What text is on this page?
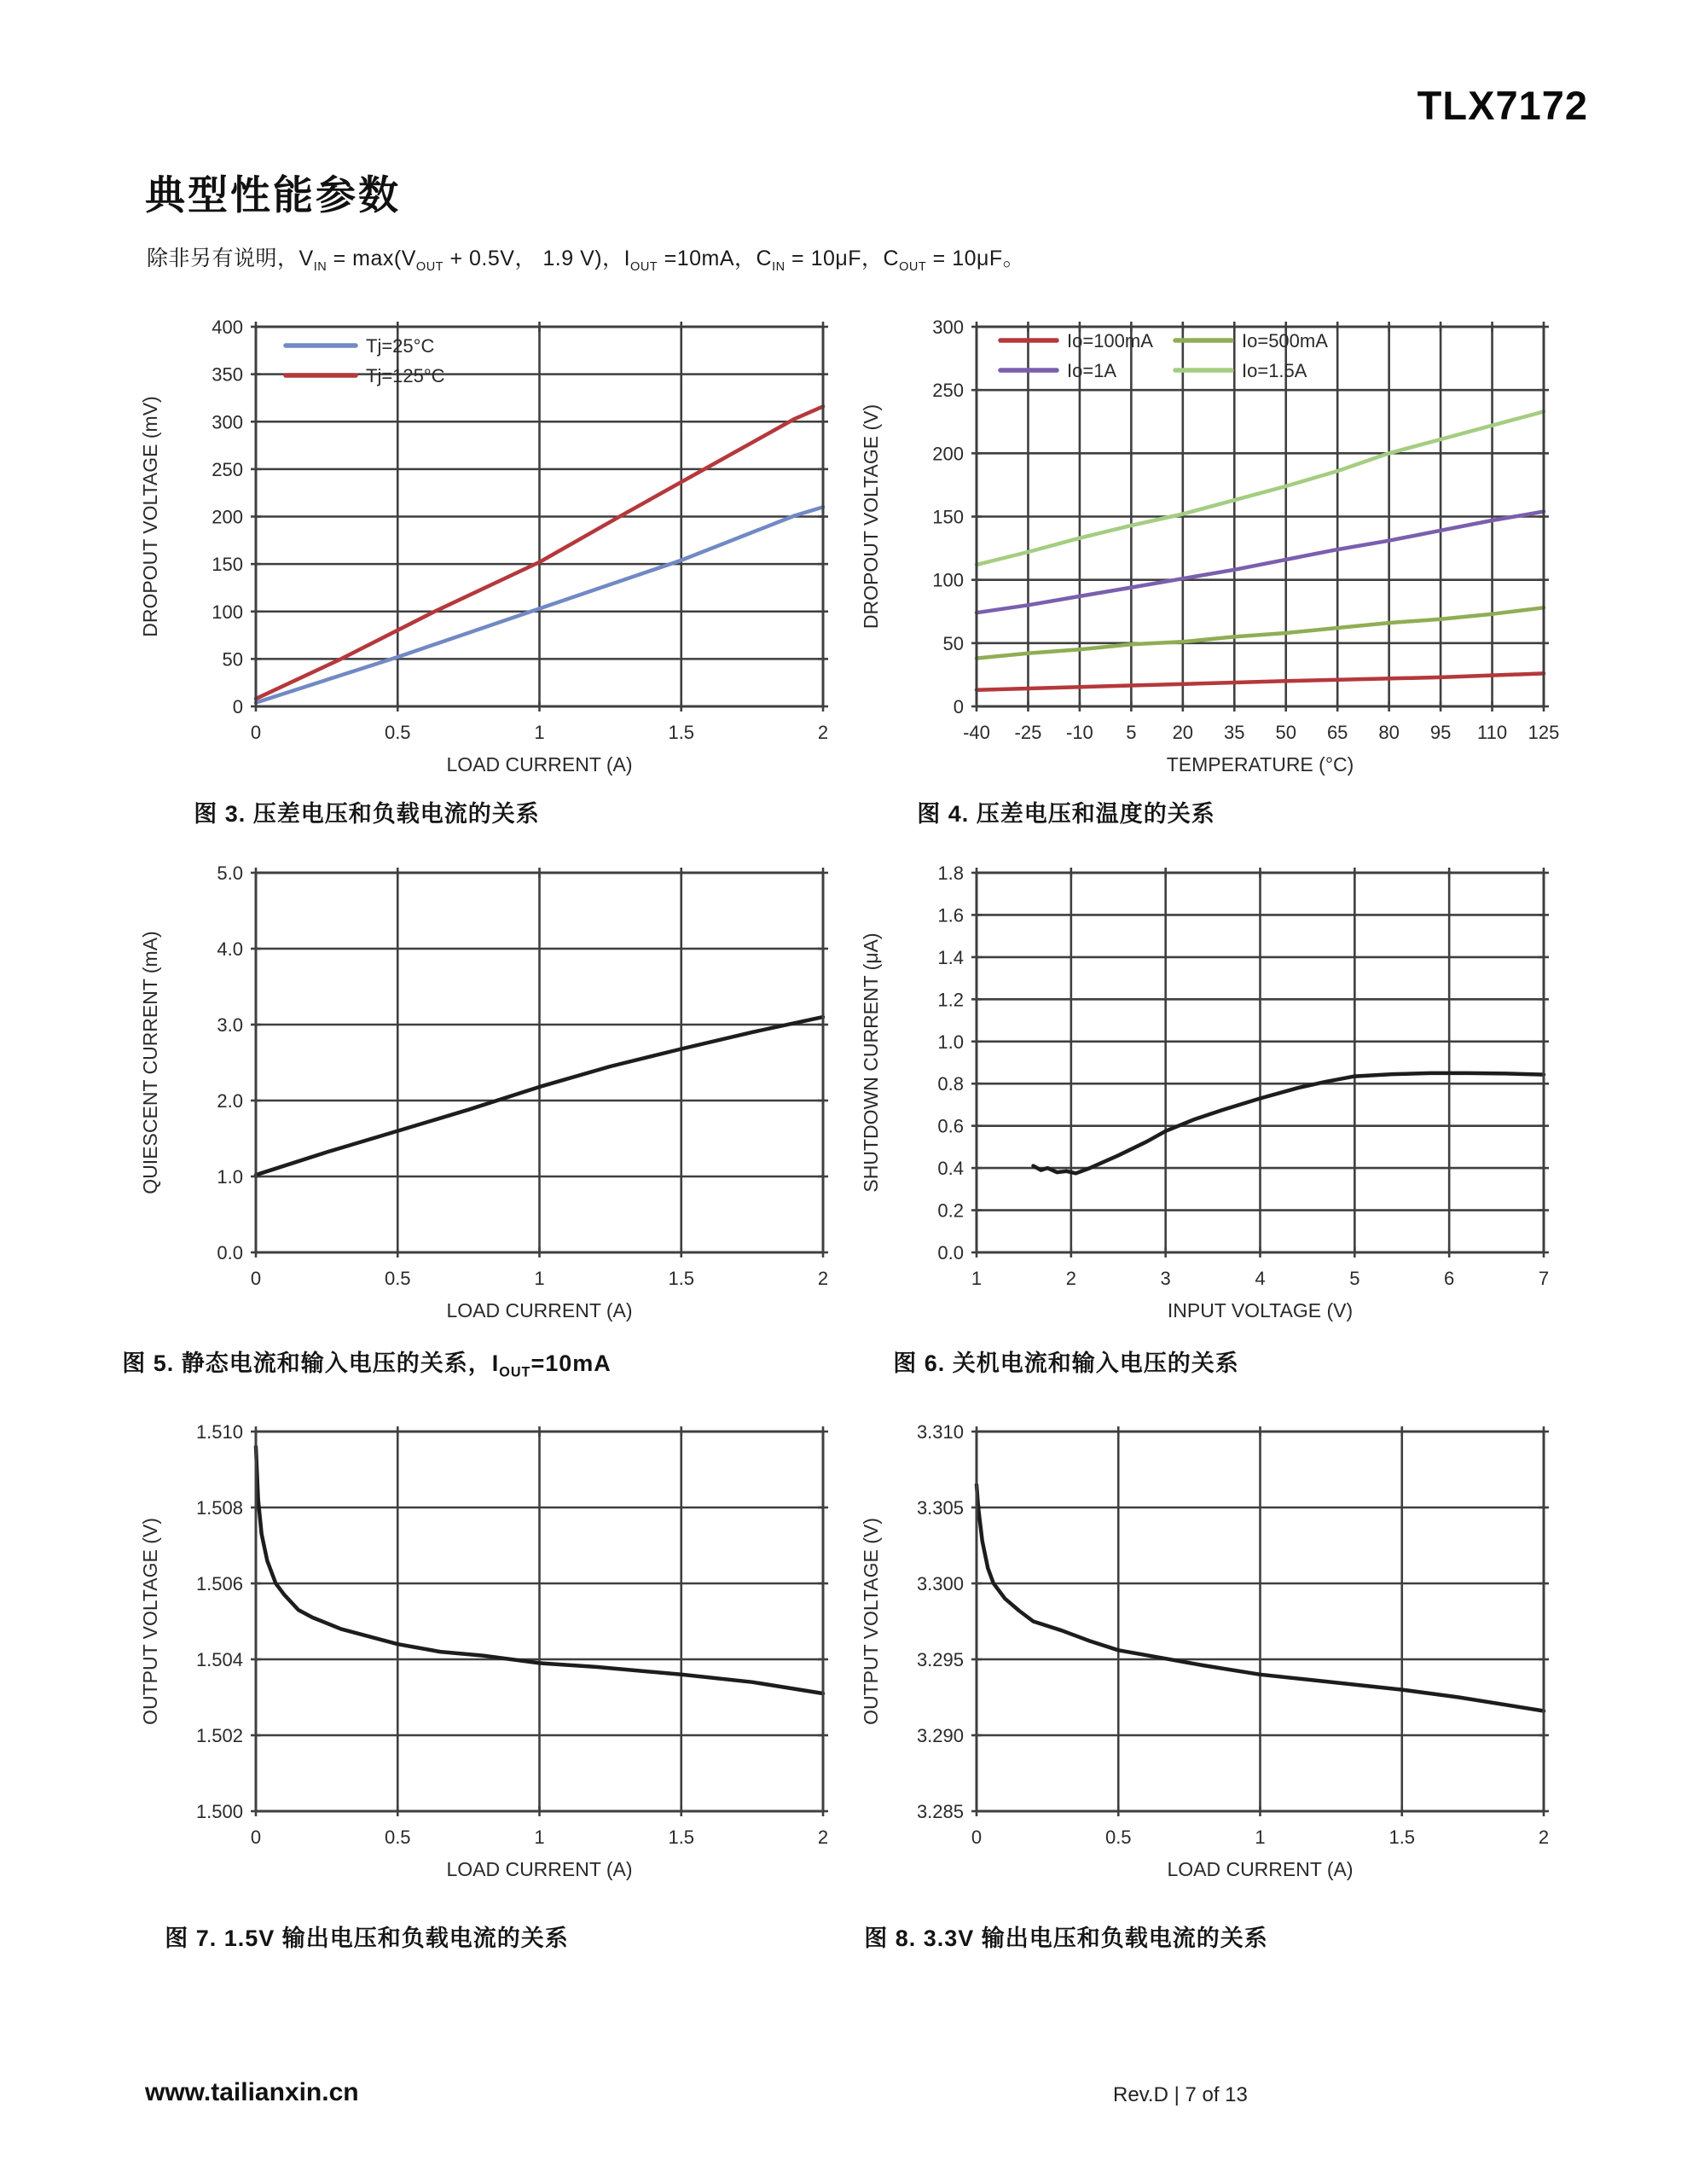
TLX7172
典型性能参数

除非另有说明，$V_{IN} = \max(V_{OUT} + 0.5V$， 1.9 V)，$I_{OUT} =10mA$，$C_{IN} = 10\mu F$，$C_{OUT} = 10\mu F$。

0	0.5	1	1.5	2
0
50
100
150
200
250
300
350
400
LOAD CURRENT (A)
DROPOUT VOLTAGE (mV)
Tj=25°C
Tj=125°C
-40 -25 -10 5 20 35 50 65 80 95 110 125
0
50
100
150
200
250
300
TEMPERATURE (°C)
DROPOUT VOLTAGE (V)
Io=100mA	Io=500mA
Io=1A	Io=1.5A
图 3. 压差电压和负载电流的关系	图 4. 压差电压和温度的关系
0	0.5	1	1.5	2
0.0
1.0
2.0
3.0
4.0
5.0
LOAD CURRENT (A)
QUIESCENT CURRENT (mA)
1	2	3	4	5	6	7
0.0
0.2
0.4
0.6
0.8
1.0
1.2
1.4
1.6
1.8
INPUT VOLTAGE (V)
SHUTDOWN CURRENT (μA)
图 5. 静态电流和输入电压的关系，$I_{OUT}=10mA$	图 6. 关机电流和输入电压的关系
0	0.5	1	1.5	2
1.500
1.502
1.504
1.506
1.508
1.510
LOAD CURRENT (A)
OUTPUT VOLTAGE (V)
0	0.5	1	1.5	2
3.285
3.290
3.295
3.300
3.305
3.310
LOAD CURRENT (A)
OUTPUT VOLTAGE (V)
图 7. 1.5V 输出电压和负载电流的关系	图 8. 3.3V 输出电压和负载电流的关系
www.tailianxin.cn	Rev.D | 7 of 13
